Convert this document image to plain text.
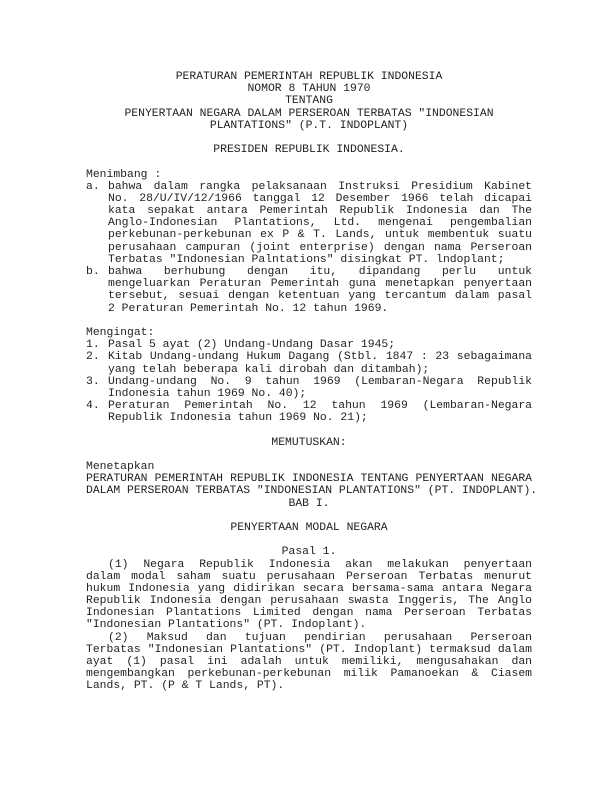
PERATURAN PEMERINTAH REPUBLIK INDONESIA
NOMOR 8 TAHUN 1970
TENTANG
PENYERTAAN NEGARA DALAM PERSEROAN TERBATAS "INDONESIAN
PLANTATIONS" (P.T. INDOPLANT)
PRESIDEN REPUBLIK INDONESIA.
Menimbang :
a. bahwa dalam rangka pelaksanaan Instruksi Presidium Kabinet
No. 28/U/IV/12/1966 tanggal 12 Desember 1966 telah dicapai
kata sepakat antara Pemerintah Republik Indonesia dan The
Anglo-Indonesian Plantations, Ltd. mengenai pengembalian
perkebunan-perkebunan ex P & T. Lands, untuk membentuk suatu
perusahaan campuran (joint enterprise) dengan nama Perseroan
Terbatas "Indonesian Palntations" disingkat PT. lndoplant;
b. bahwa berhubung dengan itu, dipandang perlu untuk
mengeluarkan Peraturan Pemerintah guna menetapkan penyertaan
tersebut, sesuai dengan ketentuan yang tercantum dalam pasal
2 Peraturan Pemerintah No. 12 tahun 1969.
Mengingat:
1. Pasal 5 ayat (2) Undang-Undang Dasar 1945;
2. Kitab Undang-undang Hukum Dagang (Stbl. 1847 : 23 sebagaimana
yang telah beberapa kali dirobah dan ditambah);
3. Undang-undang No. 9 tahun 1969 (Lembaran-Negara Republik
Indonesia tahun 1969 No. 40);
4. Peraturan Pemerintah No. 12 tahun 1969 (Lembaran-Negara
Republik Indonesia tahun 1969 No. 21);
MEMUTUSKAN:
Menetapkan
PERATURAN PEMERINTAH REPUBLIK INDONESIA TENTANG PENYERTAAN NEGARA
DALAM PERSEROAN TERBATAS "INDONESIAN PLANTATIONS" (PT. INDOPLANT).
BAB I.
PENYERTAAN MODAL NEGARA
Pasal 1.
(1) Negara Republik Indonesia akan melakukan penyertaan
dalam modal saham suatu perusahaan Perseroan Terbatas menurut
hukum Indonesia yang didirikan secara bersama-sama antara Negara
Republik Indonesia dengan perusahaan swasta Inggeris, The Anglo
Indonesian Plantations Limited dengan nama Perseroan Terbatas
"Indonesian Plantations" (PT. Indoplant).
(2) Maksud dan tujuan pendirian perusahaan Perseroan
Terbatas "Indonesian Plantations" (PT. Indoplant) termaksud dalam
ayat (1) pasal ini adalah untuk memiliki, mengusahakan dan
mengembangkan perkebunan-perkebunan milik Pamanoekan & Ciasem
Lands, PT. (P & T Lands, PT).
